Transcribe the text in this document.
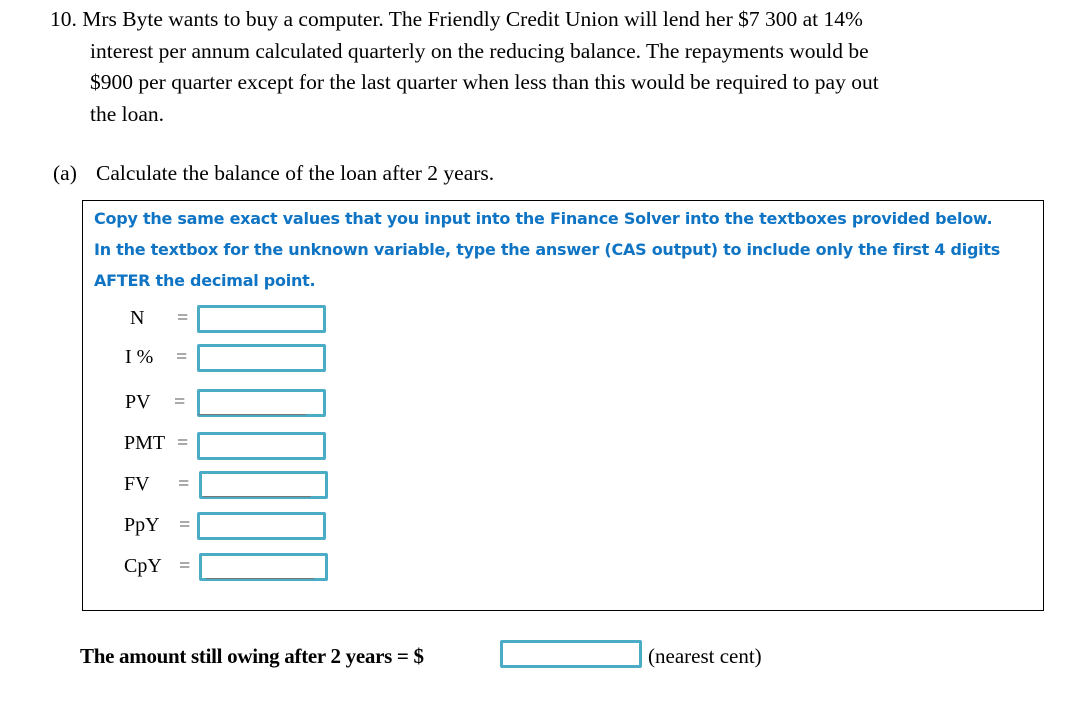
10. Mrs Byte wants to buy a computer. The Friendly Credit Union will lend her $7 300 at 14%
interest per annum calculated quarterly on the reducing balance. The repayments would be
$900 per quarter except for the last quarter when less than this would be required to pay out
the loan.
(a) Calculate the balance of the loan after 2 years.
Copy the same exact values that you input into the Finance Solver into the textboxes provided below.
In the textbox for the unknown variable, type the answer (CAS output) to include only the first 4 digits
AFTER the decimal point.
N =
I % =
PV =
PMT =
FV =
PpY =
CpY =
The amount still owing after 2 years = $	(nearest cent)
